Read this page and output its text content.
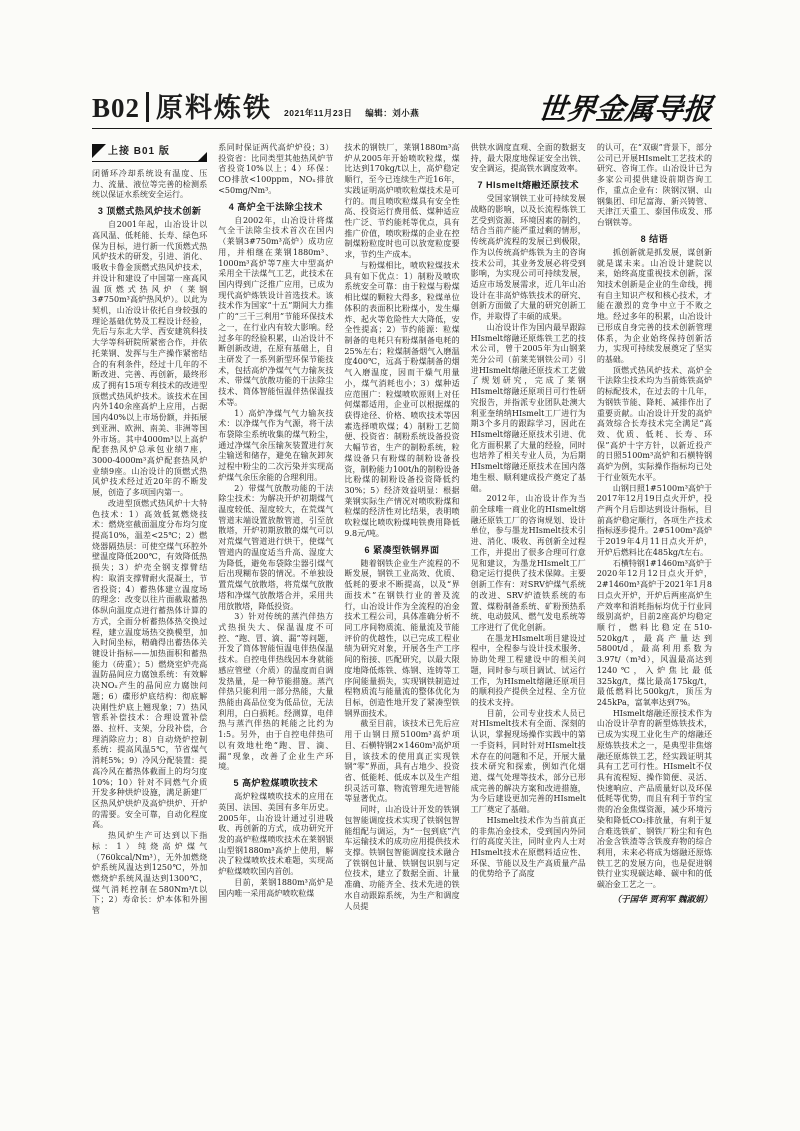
B02 原料炼铁 2021年11月23日 编辑：刘小燕	世界金属导报
上接 B01 版

闭循环冷却系统设有温度、压力、流量、液位等完善的检测系统以保证水系统安全运行。

3 顶燃式热风炉技术创新

自2001年起，山冶设计以高风温、低耗能、长寿、绿色环保为目标，进行新一代顶燃式热风炉技术的研发，引进、消化、吸收卡鲁金顶燃式热风炉技术，并设计和建设了中国第一座高风温顶燃式热风炉（莱钢3#750m³高炉热风炉）。以此为契机，山冶设计依托自身较强的理论基础优势及工程设计经验，先后与东北大学、西安建筑科技大学等科研院所紧密合作，并依托莱钢、发挥与生产操作紧密结合的有利条件，经过十几年的不断改进、完善、再创新，最终形成了拥有15项专利技术的改进型顶燃式热风炉技术。该技术在国内外140余座高炉上应用，占据国内40%以上市场份额，并拓展到亚洲、欧洲、南美、非洲等国外市场。其中4000m³以上高炉配套热风炉总承包业绩7座，3000-4000m³高炉配套热风炉业绩9座。山冶设计的顶燃式热风炉技术经过近20年的不断发展，创造了多项国内第一。

改进型顶燃式热风炉十大特色技术：1）高效低氮燃烧技术：燃烧室截面温度分布均匀度提高10%，温差<25℃；2）燃烧器隔热层：可使空煤气环腔外壁温度降低200℃，有效降低热损失；3）炉壳全钢支撑臂结构：取消支撑臂耐火混凝土，节省投资；4）蓄热体建立温度场的理念：改变以往片面截取蓄热体纵向温度点进行蓄热体计算的方式，全面分析蓄热体热交换过程，建立温度场热交换模型，加入时间坐标，精确得出蓄热体关键设计指标——加热面积和蓄热能力（砖重）；5）燃烧室炉壳高温防晶间应力腐蚀系统：有效解决NOₓ产生的晶间应力腐蚀问题；6）碟形炉底结构：彻底解决刚性炉底上翘现象；7）热风管系补偿技术：合理设置补偿器、拉杆、支架，分段补偿，合理消除应力；8）自动烧炉控制系统：提高风温5℃，节省煤气消耗5%；9）冷风分配装置：提高冷风在蓄热体截面上的均匀度10%；10）针对不同燃气介质开发多种烘炉设施，满足新建厂区热风炉烘炉及高炉烘炉、开炉的需要。安全可靠，自动化程度高。

热风炉生产可达到以下指标：1）纯烧高炉煤气（760kcal/Nm³），无外加燃烧炉系统风温达到1250℃，外加燃烧炉系统风温达到1300℃，煤气消耗控制在580Nm³/t以下；2）寿命长：炉本体和外围管

系同时保证两代高炉炉役；3）投资省：比同类型其他热风炉节省投资10%以上；4）环保：CO排放<100ppm，NOₓ排放<50mg/Nm³。

4 高炉全干法除尘技术

自2002年，山冶设计将煤气全干法除尘技术首次在国内（莱钢3#750m³高炉）成功应用，并相继在莱钢1880m³、1000m³高炉等7座大中型高炉采用全干法煤气工艺，此技术在国内得到广泛推广应用，已成为现代高炉炼铁设计首选技术。该技术作为国家“十五”期间大力推广的“三干三利用”节能环保技术之一，在行业内有较大影响。经过多年的经验积累，山冶设计不断创新改进，在原有基础上，自主研发了一系列新型环保节能技术，包括高炉净煤气气力输灰技术、带煤气放散功能的干法除尘技术、筒体智能恒温伴热保温技术等。

1）高炉净煤气气力输灰技术：以净煤气作为气源，将干法布袋除尘系统收集的煤气粉尘，通过净煤气余压输灰装置进行灰尘输送和储存，避免在输灰卸灰过程中粉尘的二次污染并实现高炉煤气余压余能的合理利用。

2）带煤气放散功能的干法除尘技术：为解决开炉初期煤气温度较低、湿度较大，在荒煤气管道末端设置放散管道，引至放散塔，开炉初期放散的煤气可以对荒煤气管道进行烘干，使煤气管道内的温度适当升高、湿度大为降低，避免布袋除尘器引煤气后出现糊布袋的情况。不单独设置荒煤气放散塔，将荒煤气放散塔和净煤气放散塔合并，采用共用放散塔，降低投资。

3）针对传统的蒸汽伴热方式热损失大、保温温度不可控、“跑、冒、滴、漏”等问题，开发了筒体智能恒温电伴热保温技术。自控电伴热线因本身就能感应管壁（介质）的温度而自调发热量，是一种节能措施。蒸汽伴热只能利用一部分热能，大量热能由高品位变为低品位，无法利用，白白损耗。经测算，电伴热与蒸汽伴热的耗能之比约为1:5。另外，由于自控电伴热可以有效地杜绝“跑、冒、滴、漏”现象，改善了企业生产环境。

5 高炉粒煤喷吹技术

高炉粒煤喷吹技术的应用在英国、法国、美国有多年历史。2005年，山冶设计通过引进吸收、再创新的方式，成功研究开发的高炉粒煤喷吹技术在莱钢银山型钢1880m³高炉上使用，解决了粒煤喷吹技术难题，实现高炉粒煤喷吹国内首创。

目前，莱钢1880m³高炉是国内唯一采用高炉喷吹粒煤

技术的钢铁厂，莱钢1880m³高炉从2005年开始喷吹粒煤，煤比达到170kg/t以上，高炉稳定顺行，至今已连续生产近16年，实践证明高炉喷吹粒煤技术是可行的。而且喷吹粒煤具有安全性高、投资运行费用低、煤种适应性广泛、节约能耗等优点，具有推广价值，喷吹粉煤的企业在控制煤粉粒度时也可以放宽粒度要求，节约生产成本。

与粉煤相比，喷吹粒煤技术具有如下优点：1）制粉及喷吹系统安全可靠：由于粒煤与粉煤相比煤的颗粒大得多，粒煤单位体积的表面积比粉煤小，发生爆炸、起火等危险性大大降低，安全性提高；2）节约能源：粒煤制备的电耗只有粉煤制备电耗的25%左右；粒煤制备烟气入磨温度400℃，远高于粉煤制备的烟气入磨温度，因而干燥气用量小，煤气消耗也小；3）煤种适应范围广：粒煤喷吹原则上对任何煤都适用，企业可以根据煤的获得途径、价格、喷吹技术等因素选择喷吹煤；4）制粉工艺简便、投资省：制粉系统设备投资大幅节省，生产的制粉系统，粒煤设备只有粉煤的制粉设备投资，制粉能力100t/h的制粉设备比粉煤的制粉设备投资降低约30%；5）经济效益明显：根据莱钢实际生产情况对喷吹粉煤和粒煤的经济性对比结果，表明喷吹粒煤比喷吹粉煤吨铁费用降低9.8元/吨。

6 紧凑型铁钢界面

随着钢铁企业生产流程的不断发展，钢铁工业高效、优质、低耗的要求不断提高，以及“界面技术”在钢铁行业的普及流行，山冶设计作为全流程的冶金技术工程公司，具体准确分析不同工序间物质流、能量流及节能评价的优越性，以已完成工程业绩为研究对象，开展各生产工序间的衔接、匹配研究，以最大限度地降低炼铁、炼钢、连铸等工序间能量损失，实现钢铁制造过程物质流与能量流的整体优化为目标，创造性地开发了紧凑型铁钢界面技术。

截至目前，该技术已先后应用于山钢日照5100m³高炉项目、石横特钢2×1460m³高炉项目，该技术的使用真正实现铁钢“零”界面，具有占地少、投资省、低能耗、低成本以及生产组织灵活可靠、物流管理先进智能等显著优点。

同时，山冶设计开发的铁钢包智能调度技术实现了铁钢包智能组配与调运，为“一包到底”汽车运输技术的成功应用提供技术支撑。铁钢包智能调度技术融合了铁钢包计量、铁钢包识别与定位技术，建立了数据全面、计量准确、功能齐全、技术先进的铁水自动跟踪系统，为生产和调度人员提

供铁水调度直观、全面的数据支持，最大限度地保证安全出铁、安全调运，提高铁水调度效率。

7 HIsmelt熔融还原技术

受国家钢铁工业可持续发展战略的影响，以及长流程炼铁工艺受到资源、环境因素的制约，结合当前产能严重过剩的情形，传统高炉流程的发展已到极限，作为以传统高炉炼铁为主的咨询技术公司，其业务发展必将受到影响，为实现公司可持续发展，适应市场发展需求，近几年山冶设计在非高炉炼铁技术的研究、创新方面做了大量的研究创新工作，并取得了丰硕的成果。

山冶设计作为国内最早跟踪HIsmelt熔融还原炼铁工艺的技术公司，曾于2005年为山钢莱芜分公司（前莱芜钢铁公司）引进HIsmelt熔融还原技术工艺做了规划研究，完成了莱钢HIsmelt熔融还原项目可行性研究报告，并指派专业团队赴澳大利亚奎纳纳HIsmelt工厂进行为期3个多月的跟踪学习，因此在HIsmelt熔融还原技术引进、优化方面积累了大量的经验，同时也培养了相关专业人员，为后期HIsmelt熔融还原技术在国内落地生根、顺利建成投产奠定了基础。

2012年，山冶设计作为当前全球唯一商业化的HIsmelt熔融还原铁工厂的咨询规划、设计单位，参与墨龙HIsmelt技术引进、消化、吸收、再创新全过程工作，并提出了很多合理可行意见和建议，为墨龙HIsmelt工厂稳定运行提供了技术保障。主要创新工作有：对SRV炉煤气系统的改进、SRV炉渣铁系统的布置、煤粉制备系统、矿粉预热系统、电动鼓风、燃气发电系统等工序进行了优化创新。

在墨龙HIsmelt项目建设过程中，全程参与设计技术服务、协助处理工程建设中的相关问题，同时参与项目调试、试运行工作，为HIsmelt熔融还原项目的顺利投产提供全过程、全方位的技术支持。

目前，公司专业技术人员已对HIsmelt技术有全面、深刻的认识，掌握现场操作实践中的第一手资料，同时针对HIsmelt技术存在的问题和不足，开展大量技术研究和探索，例如汽化烟道、煤气处理等技术，部分已形成完善的解决方案和改进措施，为今后建设更加完善的HIsmelt工厂奠定了基础。

HIsmelt技术作为当前真正的非焦冶金技术，受到国内外同行的高度关注，同时业内人士对HIsmelt技术在原燃料适应性、环保、节能以及生产高质量产品的优势给予了高度

的认可，在“双碳”背景下，部分公司已开展HIsmelt工艺技术的研究、咨询工作。山冶设计已为多家公司提供建设前期咨询工作，重点企业有：陕钢汉钢、山钢集团、印尼富海、新兴铸管、天津江天重工、泰国伟成发、邢台钢铁等。

8 结语

抓创新就是抓发展，谋创新就是谋未来。山冶设计建院以来，始终高度重视技术创新，深知技术创新是企业的生命线，拥有自主知识产权和核心技术，才能在激烈的竞争中立于不败之地。经过多年的积累，山冶设计已形成自身完善的技术创新管理体系，为企业始终保持创新活力，实现可持续发展奠定了坚实的基础。

顶燃式热风炉技术、高炉全干法除尘技术均为当前炼铁高炉的标配技术，在过去的十几年，为钢铁节能、降耗、减排作出了重要贡献。山冶设计开发的高炉高效综合长寿技术完全满足“高效、优质、低耗、长寿、环保”高炉十字方针，以新近投产的日照5100m³高炉和石横特钢高炉为例，实际操作指标均已处于行业领先水平。

山钢日照1#5100m³高炉于2017年12月19日点火开炉，投产两个月后即达到设计指标，目前高炉稳定顺行，各项生产技术指标逐步提升。2#5100m³高炉于2019年4月11日点火开炉，开炉后燃料比在485kg/t左右。

石横特钢1#1460m³高炉于2020年12月12日点火开炉，2#1460m³高炉于2021年1月8日点火开炉，开炉后两座高炉生产效率和消耗指标均优于行业同级别高炉，目前2座高炉均稳定顺行，燃料比稳定在510-520kg/t，最高产量达到5800t/d，最高利用系数为3.97t/（m³d），风温最高达到1240℃，入炉焦比最低325kg/t，煤比最高175kg/t，最低燃料比500kg/t，顶压为245kPa，富氧率达到7%。

HIsmelt熔融还原技术作为山冶设计孕育的新型炼铁技术，已成为实现工业化生产的熔融还原炼铁技术之一，是典型非焦熔融还原炼铁工艺，经实践证明其具有工艺可行性。HIsmelt不仅具有流程短、操作简便、灵活、快速响应、产品质量好以及环保低耗等优势，而且有利于节约宝贵的冶金焦煤资源，减少环境污染和降低CO₂排放量，有利于复合难选铁矿、钢铁厂粉尘和有色冶金含铁渣等含铁废弃物的综合利用，未来必将成为熔融还原炼铁工艺的发展方向，也是促进钢铁行业实现碳达峰、碳中和的低碳冶金工艺之一。

（于国华 贾利军 魏淑娟）
